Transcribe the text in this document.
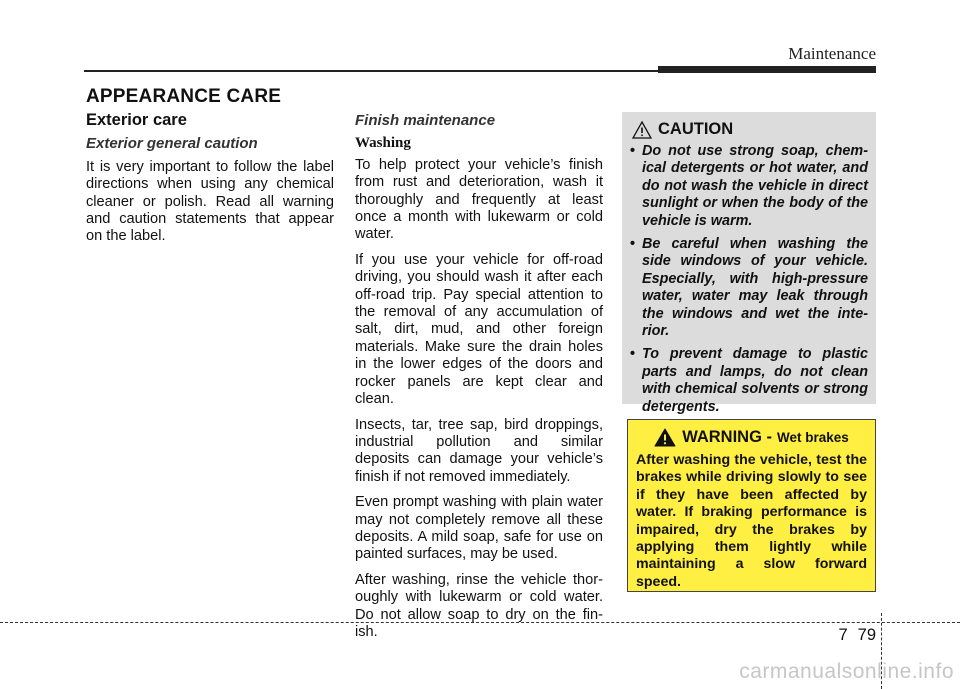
Maintenance
APPEARANCE CARE
Exterior care
Exterior general caution

It is very important to follow the label directions when using any chemical cleaner or polish. Read all warning and caution statements that appear on the label.

Finish maintenance
Washing

To help protect your vehicle’s finish from rust and deterioration, wash it thoroughly and frequently at least once a month with lukewarm or cold water.

If you use your vehicle for off-road driving, you should wash it after each off-road trip. Pay special attention to the removal of any accumulation of salt, dirt, mud, and other foreign materials. Make sure the drain holes in the lower edges of the doors and rocker panels are kept clear and clean.

Insects, tar, tree sap, bird droppings, industrial pollution and similar deposits can damage your vehicle’s finish if not removed immediately.

Even prompt washing with plain water may not completely remove all these deposits. A mild soap, safe for use on painted surfaces, may be used.

After washing, rinse the vehicle thor-oughly with lukewarm or cold water. Do not allow soap to dry on the fin-ish.

CAUTION
• Do not use strong soap, chem-ical detergents or hot water, and do not wash the vehicle in direct sunlight or when the body of the vehicle is warm.
• Be careful when washing the side windows of your vehicle. Especially, with high-pressure water, water may leak through the windows and wet the inte-rior.
• To prevent damage to plastic parts and lamps, do not clean with chemical solvents or strong detergents.
WARNING - Wet brakes

After washing the vehicle, test the brakes while driving slowly to see if they have been affected by water. If braking performance is impaired, dry the brakes by applying them lightly while maintaining a slow forward speed.

7 79
carmanualsonline.info
